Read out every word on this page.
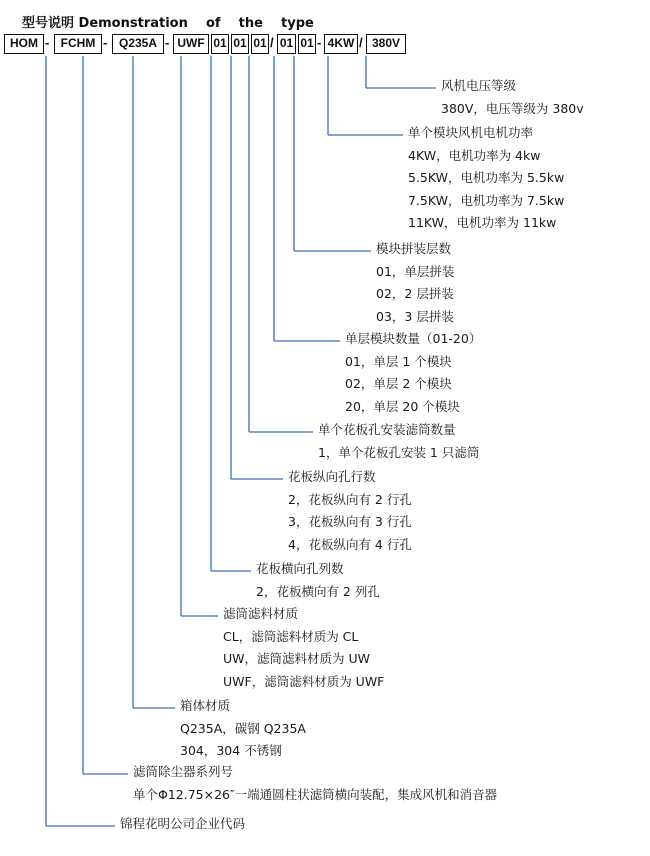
型号说明 Demonstration    of    the    type
HOM - FCHM - Q235A - UWF 01 01 01 / 01 01 - 4KW / 380V
风机电压等级
380V，电压等级为 380v
单个模块风机电机功率
4KW，电机功率为 4kw
5.5KW，电机功率为 5.5kw
7.5KW，电机功率为 7.5kw
11KW，电机功率为 11kw
模块拼装层数
01，单层拼装
02，2 层拼装
03，3 层拼装
单层模块数量（01-20）
01，单层 1 个模块
02，单层 2 个模块
20，单层 20 个模块
单个花板孔安装滤筒数量
1，单个花板孔安装 1 只滤筒
花板纵向孔行数
2，花板纵向有 2 行孔
3，花板纵向有 3 行孔
4，花板纵向有 4 行孔
花板横向孔列数
2，花板横向有 2 列孔
滤筒滤料材质
CL，滤筒滤料材质为 CL
UW，滤筒滤料材质为 UW
UWF，滤筒滤料材质为 UWF
箱体材质
Q235A，碳钢 Q235A
304，304 不锈钢
滤筒除尘器系列号
单个Φ12.75×26″一端通圆柱状滤筒横向装配，集成风机和消音器
锦程花明公司企业代码
